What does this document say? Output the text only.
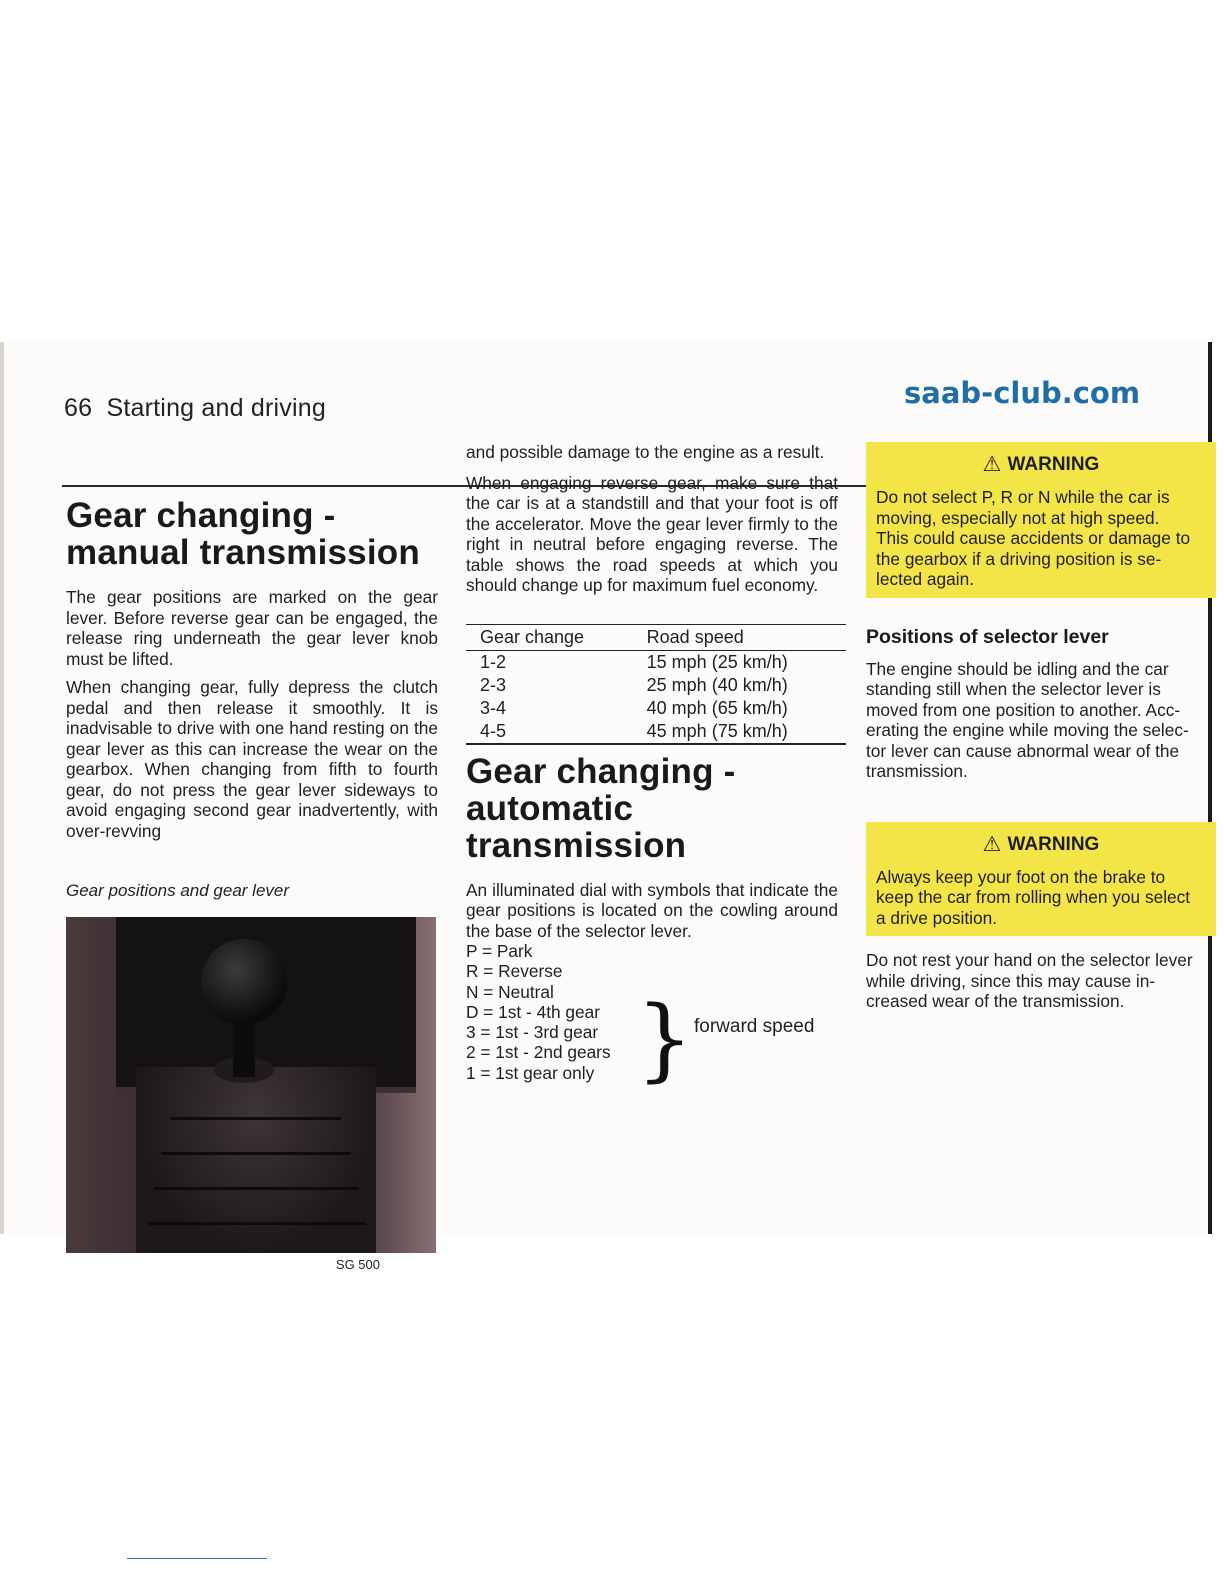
66 Starting and driving	saab-club.com
Gear changing -
manual transmission

The gear positions are marked on the gear lever. Before reverse gear can be engaged, the release ring underneath the gear lever knob must be lifted.

When changing gear, fully depress the clutch pedal and then release it smoothly. It is inadvisable to drive with one hand resting on the gear lever as this can increase the wear on the gearbox. When changing from fifth to fourth gear, do not press the gear lever sideways to avoid engaging second gear inadvertently, with over-revving

Gear positions and gear lever
SG 500

and possible damage to the engine as a result.

When engaging reverse gear, make sure that the car is at a standstill and that your foot is off the accelerator. Move the gear lever firmly to the right in neutral before engaging reverse. The table shows the road speeds at which you should change up for maximum fuel economy.

Gear change	Road speed
1-2	15 mph (25 km/h)
2-3	25 mph (40 km/h)
3-4	40 mph (65 km/h)
4-5	45 mph (75 km/h)
Gear changing -
automatic
transmission

An illuminated dial with symbols that indicate the gear positions is located on the cowling around the base of the selector lever.

P = Park

R = Reverse

N = Neutral

D = 1st - 4th gear

3 = 1st - 3rd gear

2 = 1st - 2nd gears

1 = 1st gear only } forward speed
⚠ WARNING

Do not select P, R or N while the car is

moving, especially not at high speed.

This could cause accidents or damage to

the gearbox if a driving position is se-

lected again.

Positions of selector lever

The engine should be idling and the car

standing still when the selector lever is

moved from one position to another. Acc-

erating the engine while moving the selec-

tor lever can cause abnormal wear of the

transmission.

⚠ WARNING

Always keep your foot on the brake to

keep the car from rolling when you select

a drive position.

Do not rest your hand on the selector lever

while driving, since this may cause in-

creased wear of the transmission.
